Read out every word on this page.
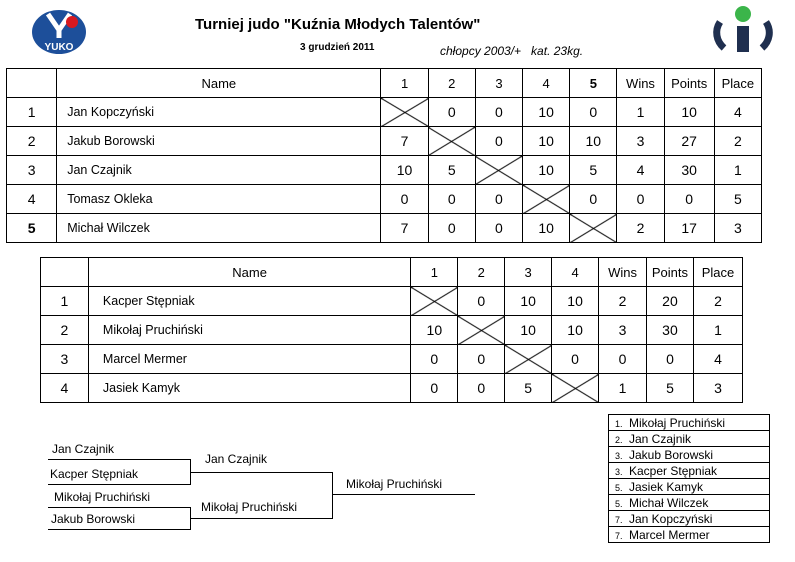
YUKO
Turniej judo "Kuźnia Młodych Talentów"
3 grudzień 2011	chłopcy 2003/+   kat. 23kg.
	Name	1	2	3	4	5	Wins	Points	Place
1	Jan Kopczyński		0	0	10	0	1	10	4
2	Jakub Borowski	7		0	10	10	3	27	2
3	Jan Czajnik	10	5		10	5	4	30	1
4	Tomasz Okleka	0	0	0		0	0	0	5
5	Michał Wilczek	7	0	0	10		2	17	3
	Name	1	2	3	4	Wins	Points	Place
1	Kacper Stępniak		0	10	10	2	20	2
2	Mikołaj Pruchiński	10		10	10	3	30	1
3	Marcel Mermer	0	0		0	0	0	4
4	Jasiek Kamyk	0	0	5		1	5	3
Jan Czajnik
Kacper Stępniak
Mikołaj Pruchiński
Jakub Borowski
Jan Czajnik
Mikołaj Pruchiński
Mikołaj Pruchiński
1. Mikołaj Pruchiński
2. Jan Czajnik
3. Jakub Borowski
3. Kacper Stępniak
5. Jasiek Kamyk
5. Michał Wilczek
7. Jan Kopczyński
7. Marcel Mermer
